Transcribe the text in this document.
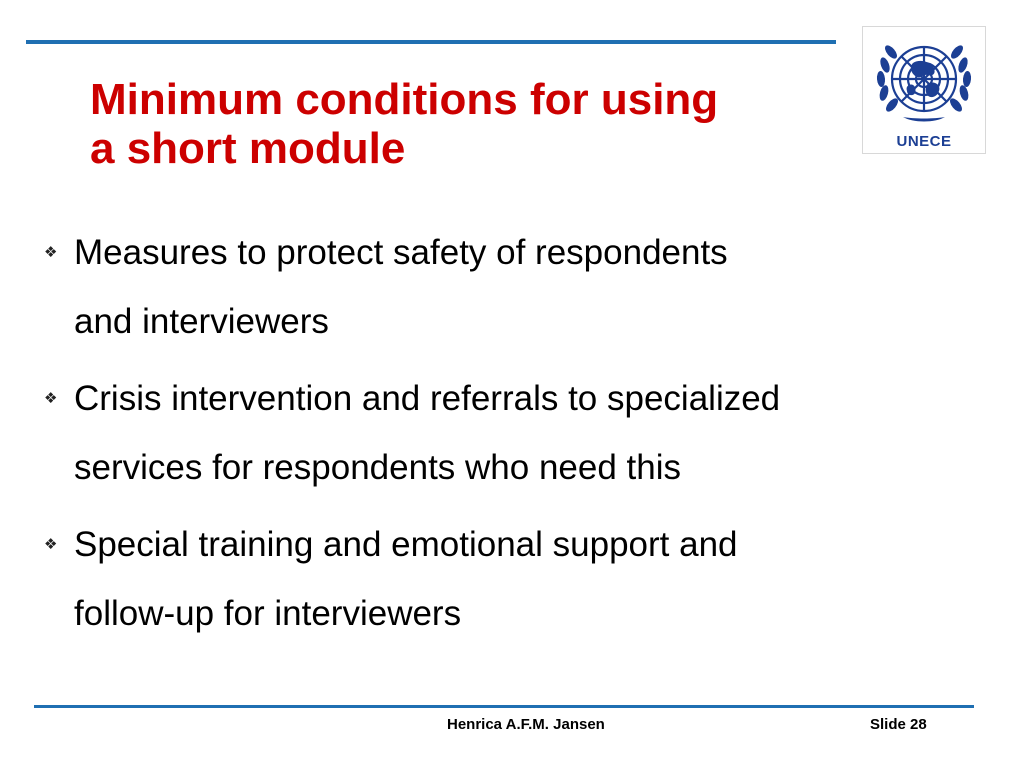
Minimum conditions for using
a short module	UNECE
❖ Measures to protect safety of respondents
and interviewers
❖ Crisis intervention and referrals to specialized
services for respondents who need this
❖ Special training and emotional support and
follow-up for interviewers
Henrica A.F.M. Jansen	Slide 28
